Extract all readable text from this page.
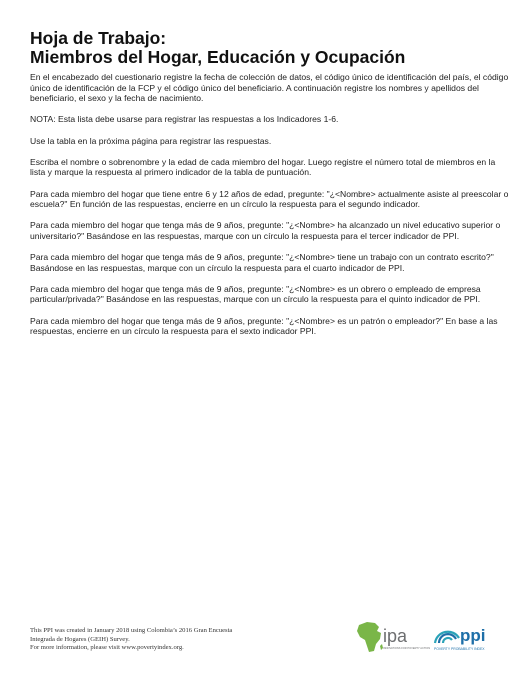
Hoja de Trabajo:
Miembros del Hogar, Educación y Ocupación

En el encabezado del cuestionario registre la fecha de colección de datos, el código único de identificación del país, el código único de identificación de la FCP y el código único del beneficiario. A continuación registre los nombres y apellidos del beneficiario, el sexo y la fecha de nacimiento.

NOTA: Esta lista debe usarse para registrar las respuestas a los Indicadores 1-6.

Use la tabla en la próxima página para registrar las respuestas.

Escriba el nombre o sobrenombre y la edad de cada miembro del hogar. Luego registre el número total de miembros en la lista y marque la respuesta al primero indicador de la tabla de puntuación.

Para cada miembro del hogar que tiene entre 6 y 12 años de edad, pregunte: "¿<Nombre> actualmente asiste al preescolar o escuela?" En función de las respuestas, encierre en un círculo la respuesta para el segundo indicador.

Para cada miembro del hogar que tenga más de 9 años, pregunte: "¿<Nombre> ha alcanzado un nivel educativo superior o universitario?" Basándose en las respuestas, marque con un círculo la respuesta para el tercer indicador de PPI.

Para cada miembro del hogar que tenga más de 9 años, pregunte: "¿<Nombre> tiene un trabajo con un contrato escrito?" Basándose en las respuestas, marque con un círculo la respuesta para el cuarto indicador de PPI.

Para cada miembro del hogar que tenga más de 9 años, pregunte: "¿<Nombre> es un obrero o empleado de empresa particular/privada?" Basándose en las respuestas, marque con un círculo la respuesta para el quinto indicador de PPI.

Para cada miembro del hogar que tenga más de 9 años, pregunte: "¿<Nombre> es un patrón o empleador?" En base a las respuestas, encierre en un círculo la respuesta para el sexto indicador PPI.

This PPI was created in January 2018 using Colombia’s 2016 Gran Encuesta
Integrada de Hogares (GEIH) Survey.
For more information, please visit www.povertyindex.org.
ipa
INNOVATIONS FOR POVERTY ACTION
ppi
POVERTY PROBABILITY INDEX
